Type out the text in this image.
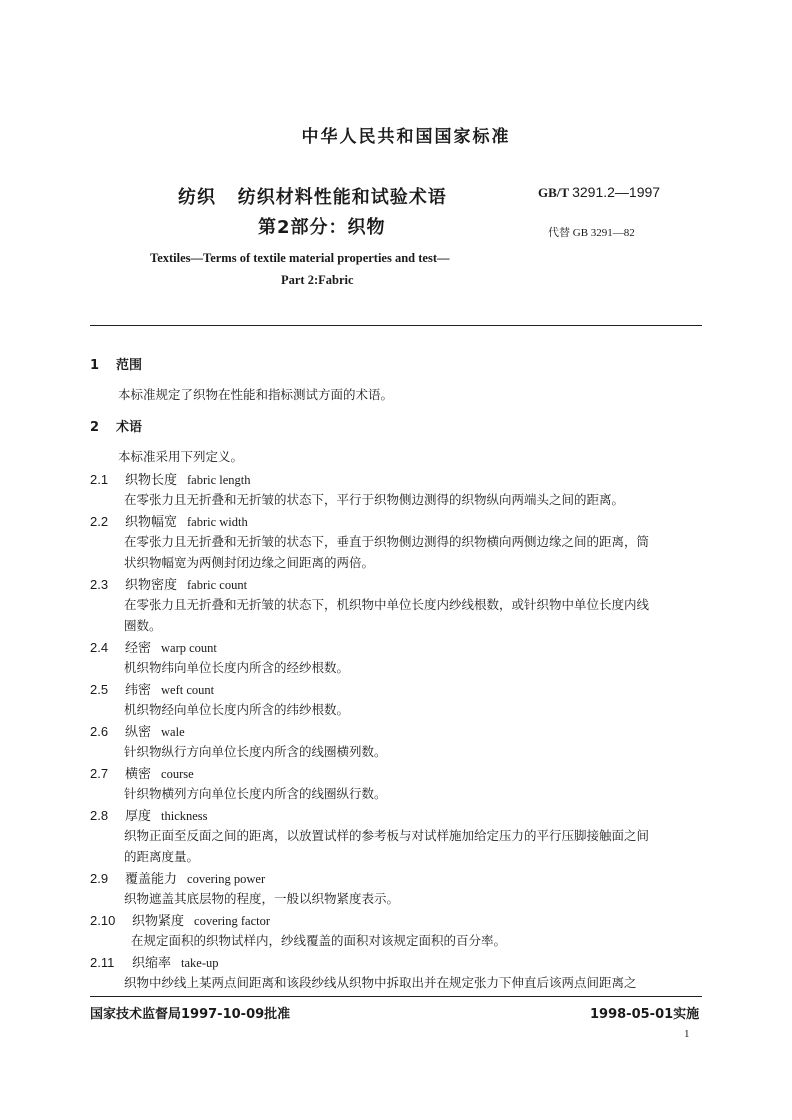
中华人民共和国国家标准
纺织   纺织材料性能和试验术语
第2部分：织物
GB/T 3291.2—1997
代替 GB 3291—82
Textiles—Terms of textile material properties and test—
Part 2:Fabric
1 范围
本标准规定了织物在性能和指标测试方面的术语。
2 术语
本标准采用下列定义。
2.1 织物长度 fabric length
在零张力且无折叠和无折皱的状态下，平行于织物侧边测得的织物纵向两端头之间的距离。
2.2 织物幅宽 fabric width
在零张力且无折叠和无折皱的状态下，垂直于织物侧边测得的织物横向两侧边缘之间的距离，筒
状织物幅宽为两侧封闭边缘之间距离的两倍。
2.3 织物密度 fabric count
在零张力且无折叠和无折皱的状态下，机织物中单位长度内纱线根数，或针织物中单位长度内线
圈数。
2.4 经密 warp count
机织物纬向单位长度内所含的经纱根数。
2.5 纬密 weft count
机织物经向单位长度内所含的纬纱根数。
2.6 纵密 wale
针织物纵行方向单位长度内所含的线圈横列数。
2.7 横密 course
针织物横列方向单位长度内所含的线圈纵行数。
2.8 厚度 thickness
织物正面至反面之间的距离，以放置试样的参考板与对试样施加给定压力的平行压脚接触面之间
的距离度量。
2.9 覆盖能力 covering power
织物遮盖其底层物的程度，一般以织物紧度表示。
2.10 织物紧度 covering factor
在规定面积的织物试样内，纱线覆盖的面积对该规定面积的百分率。
2.11 织缩率 take-up
织物中纱线上某两点间距离和该段纱线从织物中拆取出并在规定张力下伸直后该两点间距离之
国家技术监督局1997-10-09批准	1998-05-01实施
1
